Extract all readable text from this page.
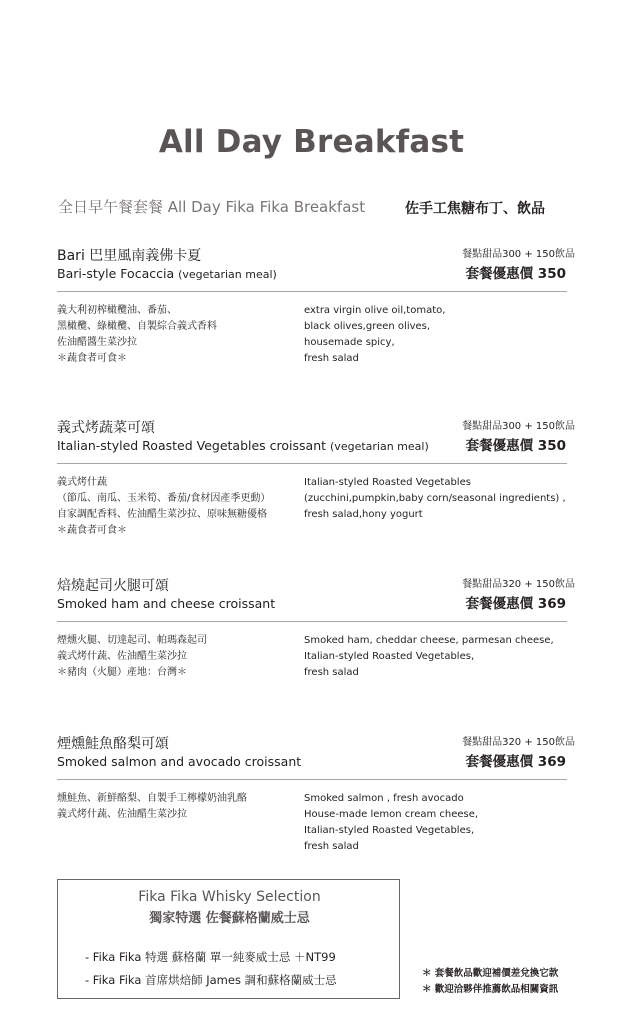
All Day Breakfast
全日早午餐套餐 All Day Fika Fika Breakfast	佐手工焦糖布丁、飲品
Bari 巴里風南義佛卡夏
Bari-style Focaccia (vegetarian meal)
餐點甜品300 + 150飲品
套餐優惠價 350
義大利初榨橄欖油、番茄、
黑橄欖、綠橄欖、自製綜合義式香料
佐油醋醬生菜沙拉
＊蔬食者可食＊
extra virgin olive oil,tomato,
black olives,green olives,
housemade spicy,
fresh salad
義式烤蔬菜可頌
Italian-styled Roasted Vegetables croissant (vegetarian meal)
餐點甜品300 + 150飲品
套餐優惠價 350
義式烤什蔬
（節瓜、南瓜、玉米筍、番茄/食材因產季更動）
自家調配香料、佐油醋生菜沙拉、原味無糖優格
＊蔬食者可食＊
Italian-styled Roasted Vegetables
(zucchini,pumpkin,baby corn/seasonal ingredients) ,
fresh salad,hony yogurt
焙燒起司火腿可頌
Smoked ham and cheese croissant
餐點甜品320 + 150飲品
套餐優惠價 369
煙燻火腿、切達起司、帕瑪森起司
義式烤什蔬、佐油醋生菜沙拉
＊豬肉（火腿）產地：台灣＊
Smoked ham, cheddar cheese, parmesan cheese,
Italian-styled Roasted Vegetables,
fresh salad
煙燻鮭魚酪梨可頌
Smoked salmon and avocado croissant
餐點甜品320 + 150飲品
套餐優惠價 369
燻鮭魚、新鮮酪梨、自製手工檸檬奶油乳酪
義式烤什蔬、佐油醋生菜沙拉
Smoked salmon , fresh avocado
House-made lemon cream cheese,
Italian-styled Roasted Vegetables,
fresh salad
Fika Fika Whisky Selection
獨家特選 佐餐蘇格蘭威士忌
- Fika Fika 特選 蘇格蘭 單一純麥威士忌 ＋NT99
- Fika Fika 首席烘焙師 James 調和蘇格蘭威士忌	＊ 套餐飲品歡迎補價差兌換它款
＊ 歡迎洽夥伴推薦飲品相關資訊
